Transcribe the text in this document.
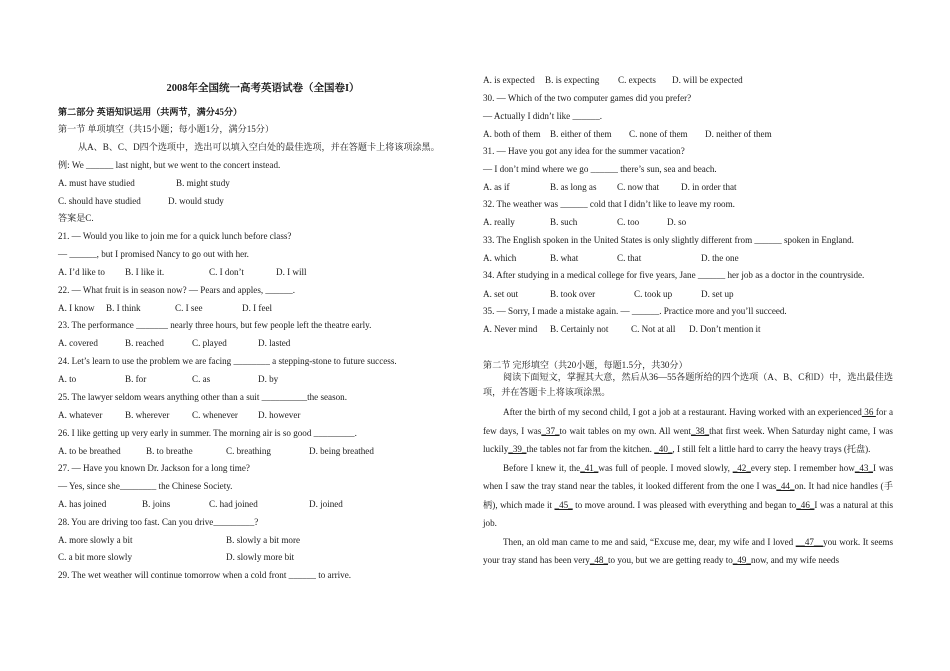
2008年全国统一高考英语试卷（全国卷I）
第二部分 英语知识运用（共两节，满分45分）
第一节 单项填空（共15小题；每小题1分，满分15分）
从A、B、C、D四个选项中，选出可以填入空白处的最佳选项，并在答题卡上将该项涂黑。
例: We ______ last night, but we went to the concert instead.
A. must have studied	B. might study
C. should have studied	D. would study
答案是C.
21. — Would you like to join me for a quick lunch before class?
— ______, but I promised Nancy to go out with her.
A. I’d like to B. I like it.	C. I don’t	D. I will
22. — What fruit is in season now? — Pears and apples, ______.
A. I know B. I think	C. I see	D. I feel
23. The performance _______ nearly three hours, but few people left the theatre early.
A. covered	B. reached	C. played	D. lasted
24. Let’s learn to use the problem we are facing ________ a stepping-stone to future success.
A. to	B. for	C. as	D. by
25. The lawyer seldom wears anything other than a suit __________the season.
A. whatever B. wherever C. whenever D. however
26. I like getting up very early in summer. The morning air is so good _________.
A. to be breathed	B. to breathe	C. breathing	D. being breathed
27. — Have you known Dr. Jackson for a long time?
— Yes, since she________ the Chinese Society.
A. has joined	B. joins	C. had joined	D. joined
28. You are driving too fast. Can you drive_________?
A. more slowly a bit	B. slowly a bit more
C. a bit more slowly	D. slowly more bit
29. The wet weather will continue tomorrow when a cold front ______ to arrive.
A. is expected B. is expecting C. expects D. will be expected
30. — Which of the two computer games did you prefer?
— Actually I didn’t like ______.
A. both of them B. either of them C. none of them D. neither of them
31. — Have you got any idea for the summer vacation?
— I don’t mind where we go ______ there’s sun, sea and beach.
A. as if	B. as long as C. now that D. in order that
32. The weather was ______ cold that I didn’t like to leave my room.
A. really	B. such	C. too	D. so
33. The English spoken in the United States is only slightly different from ______ spoken in England.
A. which	B. what	C. that	D. the one
34. After studying in a medical college for five years, Jane ______ her job as a doctor in the countryside.
A. set out	B. took over	C. took up	D. set up
35. — Sorry, I made a mistake again. — ______. Practice more and you’ll succeed.
A. Never mind B. Certainly not C. Not at all D. Don’t mention it
第二节 完形填空（共20小题，每题1.5分，共30分）

阅读下面短文，掌握其大意，然后从36—55各题所给的四个选项（A、B、C和D）中，选出最佳选项，并在答题卡上将该项涂黑。

After the birth of my second child, I got a job at a restaurant. Having worked with an experienced 36 for a few days, I was_37_to wait tables on my own. All went_38_that first week. When Saturday night came, I was luckily_39_the tables not far from the kitchen. _40_, I still felt a little hard to carry the heavy trays (托盘).

Before I knew it, the_41_was full of people. I moved slowly, _42_every step. I remember how_43_I was when I saw the tray stand near the tables, it looked different from the one I was_44_on. It had nice handles (手柄), which made it _45_ to move around. I was pleased with everything and began to_46_I was a natural at this job.

Then, an old man came to me and said, “Excuse me, dear, my wife and I loved __47__you work. It seems your tray stand has been very_48_to you, but we are getting ready to_49_now, and my wife needs
